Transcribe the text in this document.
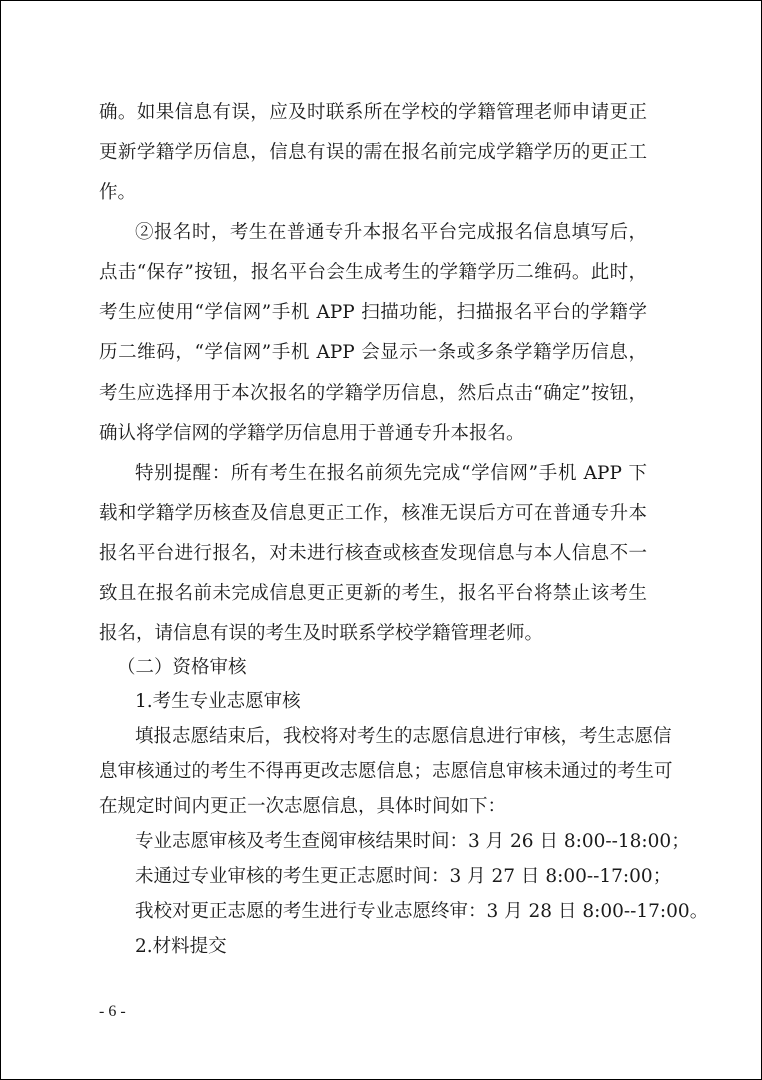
确。如果信息有误，应及时联系所在学校的学籍管理老师申请更正
更新学籍学历信息，信息有误的需在报名前完成学籍学历的更正工
作。
②报名时，考生在普通专升本报名平台完成报名信息填写后，
点击“保存”按钮，报名平台会生成考生的学籍学历二维码。此时，
考生应使用“学信网”手机 APP 扫描功能，扫描报名平台的学籍学
历二维码，“学信网”手机 APP 会显示一条或多条学籍学历信息，
考生应选择用于本次报名的学籍学历信息，然后点击“确定”按钮，
确认将学信网的学籍学历信息用于普通专升本报名。
特别提醒：所有考生在报名前须先完成“学信网”手机 APP 下
载和学籍学历核查及信息更正工作，核准无误后方可在普通专升本
报名平台进行报名，对未进行核查或核查发现信息与本人信息不一
致且在报名前未完成信息更正更新的考生，报名平台将禁止该考生
报名，请信息有误的考生及时联系学校学籍管理老师。
（二）资格审核
1.考生专业志愿审核
填报志愿结束后，我校将对考生的志愿信息进行审核，考生志愿信
息审核通过的考生不得再更改志愿信息；志愿信息审核未通过的考生可
在规定时间内更正一次志愿信息，具体时间如下：
专业志愿审核及考生查阅审核结果时间：3 月 26 日 8:00--18:00；
未通过专业审核的考生更正志愿时间：3 月 27 日 8:00--17:00；
我校对更正志愿的考生进行专业志愿终审：3 月 28 日 8:00--17:00。
2.材料提交
- 6 -
